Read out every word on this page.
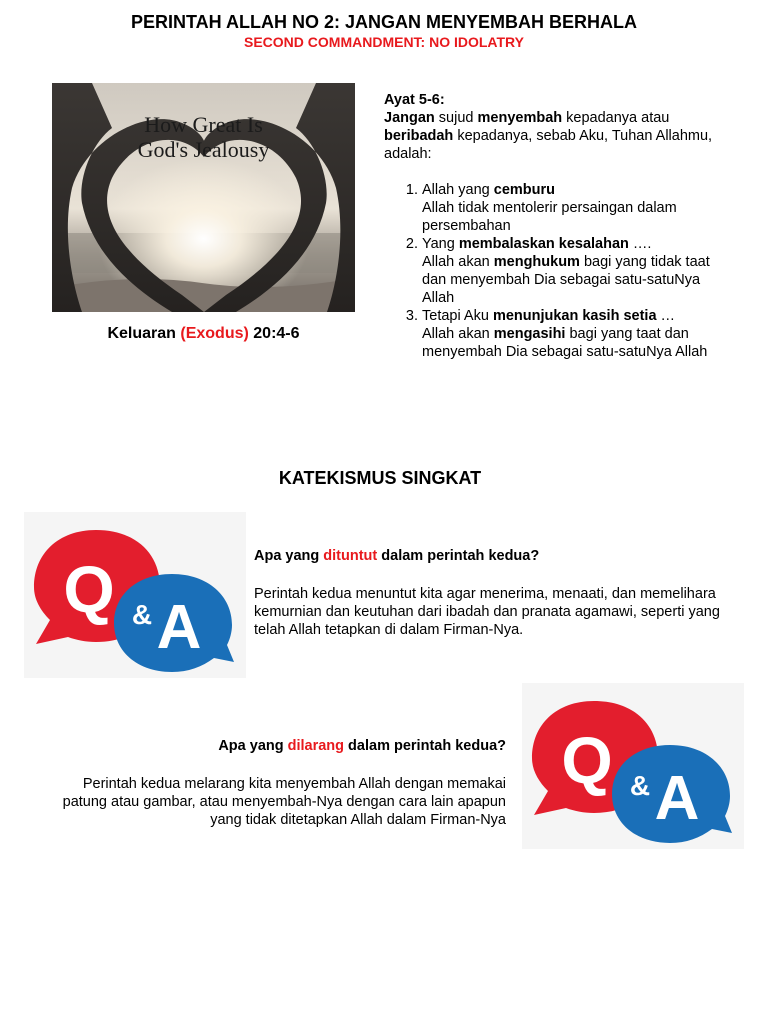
PERINTAH ALLAH NO 2: JANGAN MENYEMBAH BERHALA
SECOND COMMANDMENT: NO IDOLATRY
How Great Is
God's Jealousy
Keluaran (Exodus) 20:4-6

Ayat 5-6:

Jangan sujud menyembah kepadanya atau beribadah kepadanya, sebab Aku, Tuhan Allahmu, adalah:

1. Allah yang cemburu
Allah tidak mentolerir persaingan dalam persembahan
2. Yang membalaskan kesalahan ….
Allah akan menghukum bagi yang tidak taat dan menyembah Dia sebagai satu-satuNya Allah
3. Tetapi Aku menunjukan kasih setia …
Allah akan mengasihi bagi yang taat dan menyembah Dia sebagai satu-satuNya Allah
KATEKISMUS SINGKAT
Q & A

Apa yang dituntut dalam perintah kedua?

Perintah kedua menuntut kita agar menerima, menaati, dan memelihara kemurnian dan keutuhan dari ibadah dan pranata agamawi, seperti yang telah Allah tetapkan di dalam Firman-Nya.

Apa yang dilarang dalam perintah kedua?

Perintah kedua melarang kita menyembah Allah dengan memakai patung atau gambar, atau menyembah-Nya dengan cara lain apapun yang tidak ditetapkan Allah dalam Firman-Nya

Q & A
